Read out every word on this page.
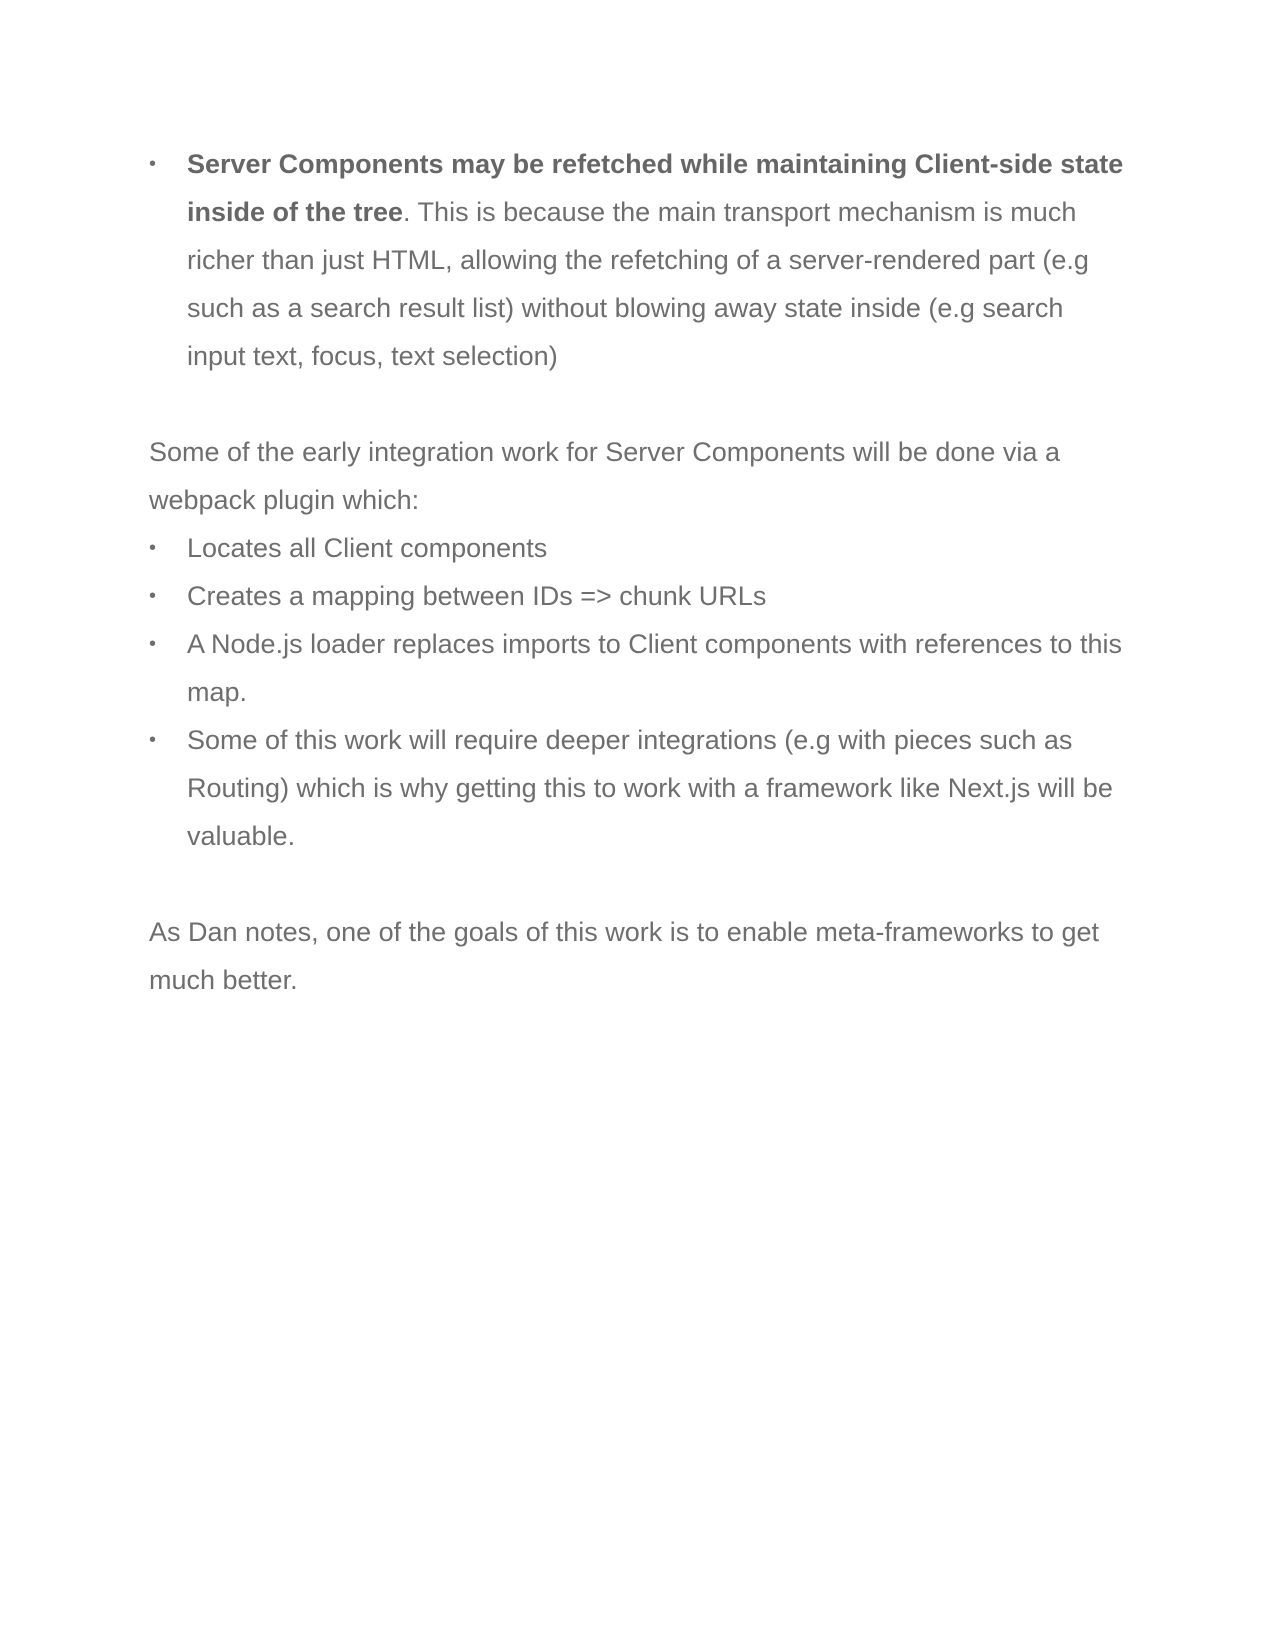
• Server Components may be refetched while maintaining Client-side state inside of the tree. This is because the main transport mechanism is much richer than just HTML, allowing the refetching of a server-rendered part (e.g such as a search result list) without blowing away state inside (e.g search input text, focus, text selection)

Some of the early integration work for Server Components will be done via a webpack plugin which:

• Locates all Client components
• Creates a mapping between IDs => chunk URLs
• A Node.js loader replaces imports to Client components with references to this map.
• Some of this work will require deeper integrations (e.g with pieces such as Routing) which is why getting this to work with a framework like Next.js will be valuable.

As Dan notes, one of the goals of this work is to enable meta-frameworks to get much better.
